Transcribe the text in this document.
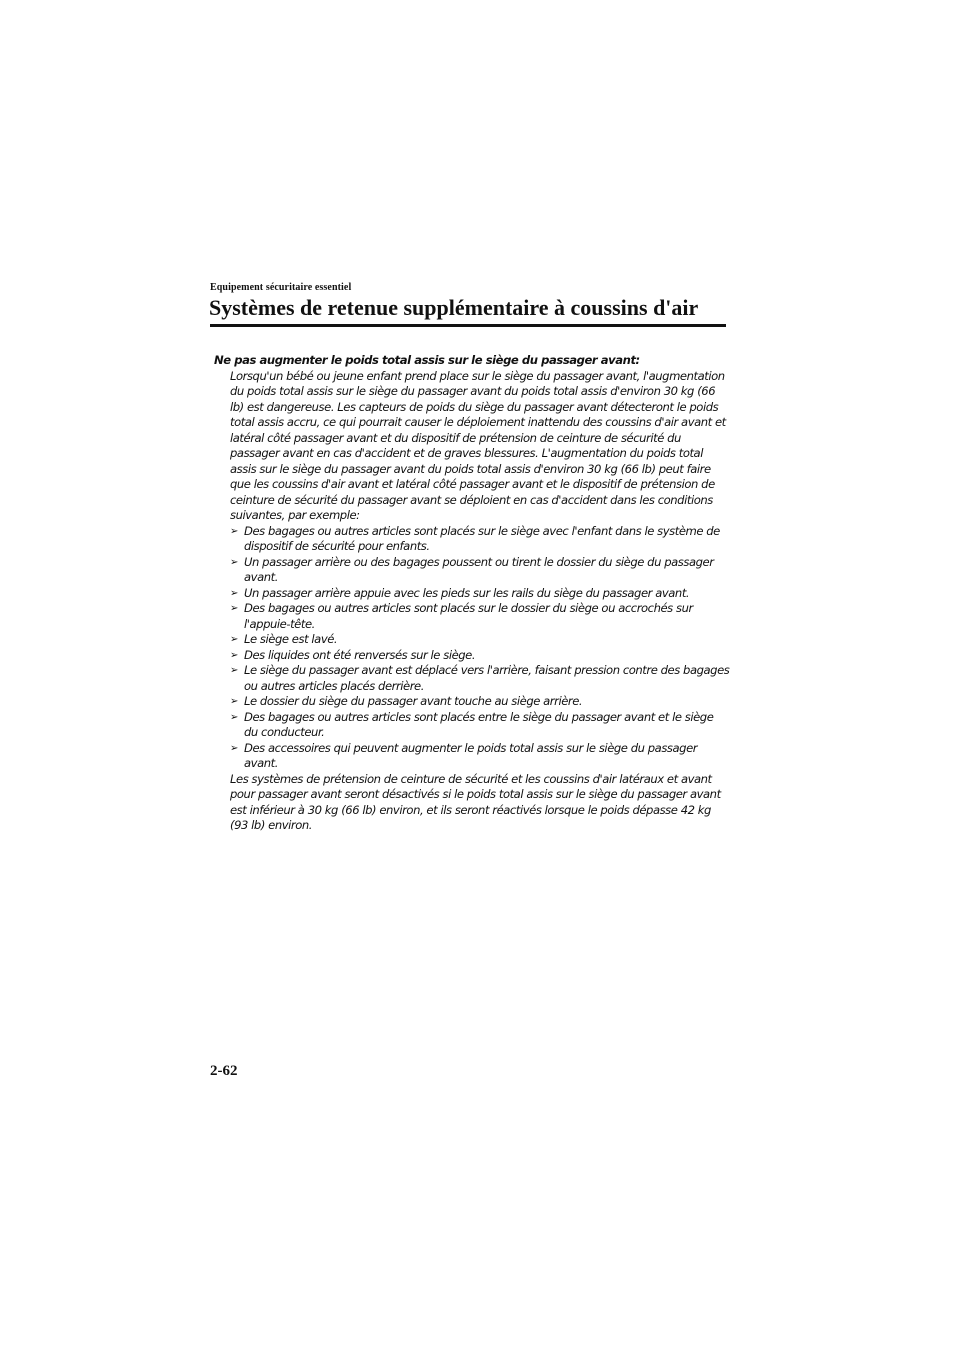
Equipement sécuritaire essentiel
Systèmes de retenue supplémentaire à coussins d'air

Ne pas augmenter le poids total assis sur le siège du passager avant:

Lorsqu'un bébé ou jeune enfant prend place sur le siège du passager avant, l'augmentation du poids total assis sur le siège du passager avant du poids total assis d'environ 30 kg (66 lb) est dangereuse. Les capteurs de poids du siège du passager avant détecteront le poids total assis accru, ce qui pourrait causer le déploiement inattendu des coussins d'air avant et latéral côté passager avant et du dispositif de prétension de ceinture de sécurité du passager avant en cas d'accident et de graves blessures. L'augmentation du poids total assis sur le siège du passager avant du poids total assis d'environ 30 kg (66 lb) peut faire que les coussins d'air avant et latéral côté passager avant et le dispositif de prétension de ceinture de sécurité du passager avant se déploient en cas d'accident dans les conditions suivantes, par exemple:

➢ Des bagages ou autres articles sont placés sur le siège avec l'enfant dans le système de dispositif de sécurité pour enfants.
➢ Un passager arrière ou des bagages poussent ou tirent le dossier du siège du passager avant.
➢ Un passager arrière appuie avec les pieds sur les rails du siège du passager avant.
➢ Des bagages ou autres articles sont placés sur le dossier du siège ou accrochés sur l'appuie-tête.
➢ Le siège est lavé.
➢ Des liquides ont été renversés sur le siège.
➢ Le siège du passager avant est déplacé vers l'arrière, faisant pression contre des bagages ou autres articles placés derrière.
➢ Le dossier du siège du passager avant touche au siège arrière.
➢ Des bagages ou autres articles sont placés entre le siège du passager avant et le siège du conducteur.
➢ Des accessoires qui peuvent augmenter le poids total assis sur le siège du passager avant.

Les systèmes de prétension de ceinture de sécurité et les coussins d'air latéraux et avant pour passager avant seront désactivés si le poids total assis sur le siège du passager avant est inférieur à 30 kg (66 lb) environ, et ils seront réactivés lorsque le poids dépasse 42 kg (93 lb) environ.

2-62
